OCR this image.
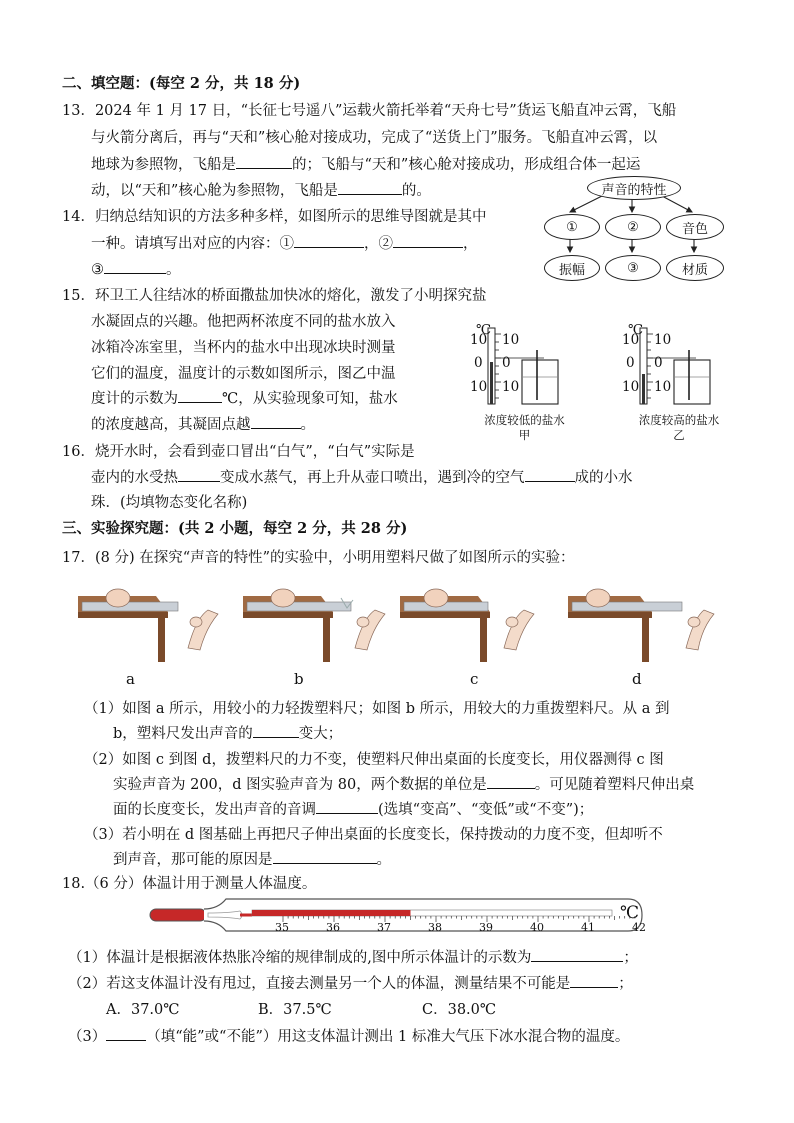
二、填空题：(每空 2 分，共 18 分)
13．2024 年 1 月 17 日，“长征七号遥八”运载火箭托举着“天舟七号”货运飞船直冲云霄，飞船
与火箭分离后，再与“天和”核心舱对接成功，完成了“送货上门”服务。飞船直冲云霄，以
地球为参照物，飞船是	的；飞船与“天和”核心舱对接成功，形成组合体一起运
动，以“天和”核心舱为参照物，飞船是	的。
14．归纳总结知识的方法多种多样，如图所示的思维导图就是其中
一种。请填写出对应的内容：①	，②	，
③	。
声音的特性
①	②	音色
振幅	③	材质
15．环卫工人往结冰的桥面撒盐加快冰的熔化，激发了小明探究盐
水凝固点的兴趣。他把两杯浓度不同的盐水放入
冰箱冷冻室里，当杯内的盐水中出现冰块时测量
它们的温度，温度计的示数如图所示，图乙中温
度计的示数为	℃，从实验现象可知，盐水
的浓度越高，其凝固点越	。
℃
10 10
0 0
10 10
浓度较低的盐水
甲
℃
10 10
0 0
10 10
浓度较高的盐水
乙
16．烧开水时，会看到壶口冒出“白气”，“白气”实际是
壶内的水受热	变成水蒸气，再上升从壶口喷出，遇到冷的空气	成的小水
珠．(均填物态变化名称)
三、实验探究题：(共 2 小题，每空 2 分，共 28 分)
17．(8 分) 在探究“声音的特性”的实验中，小明用塑料尺做了如图所示的实验：
a	b	c	d
（1）如图 a 所示，用较小的力轻拨塑料尺；如图 b 所示，用较大的力重拨塑料尺。从 a 到
b，塑料尺发出声音的	变大；
（2）如图 c 到图 d，拨塑料尺的力不变，使塑料尺伸出桌面的长度变长，用仪器测得 c 图
实验声音为 200，d 图实验声音为 80，两个数据的单位是	。可见随着塑料尺伸出桌
面的长度变长，发出声音的音调	(选填“变高”、“变低”或“不变”)；
（3）若小明在 d 图基础上再把尺子伸出桌面的长度变长，保持拨动的力度不变，但却听不
到声音，那可能的原因是	。
18.（6 分）体温计用于测量人体温度。
℃
35	36	37	38	39	40	41	42
（1）体温计是根据液体热胀冷缩的规律制成的,图中所示体温计的示数为	；
（2）若这支体温计没有甩过，直接去测量另一个人的体温，测量结果不可能是	；
A．37.0℃	B．37.5℃	C．38.0℃
（3）	（填“能”或“不能”）用这支体温计测出 1 标准大气压下冰水混合物的温度。
